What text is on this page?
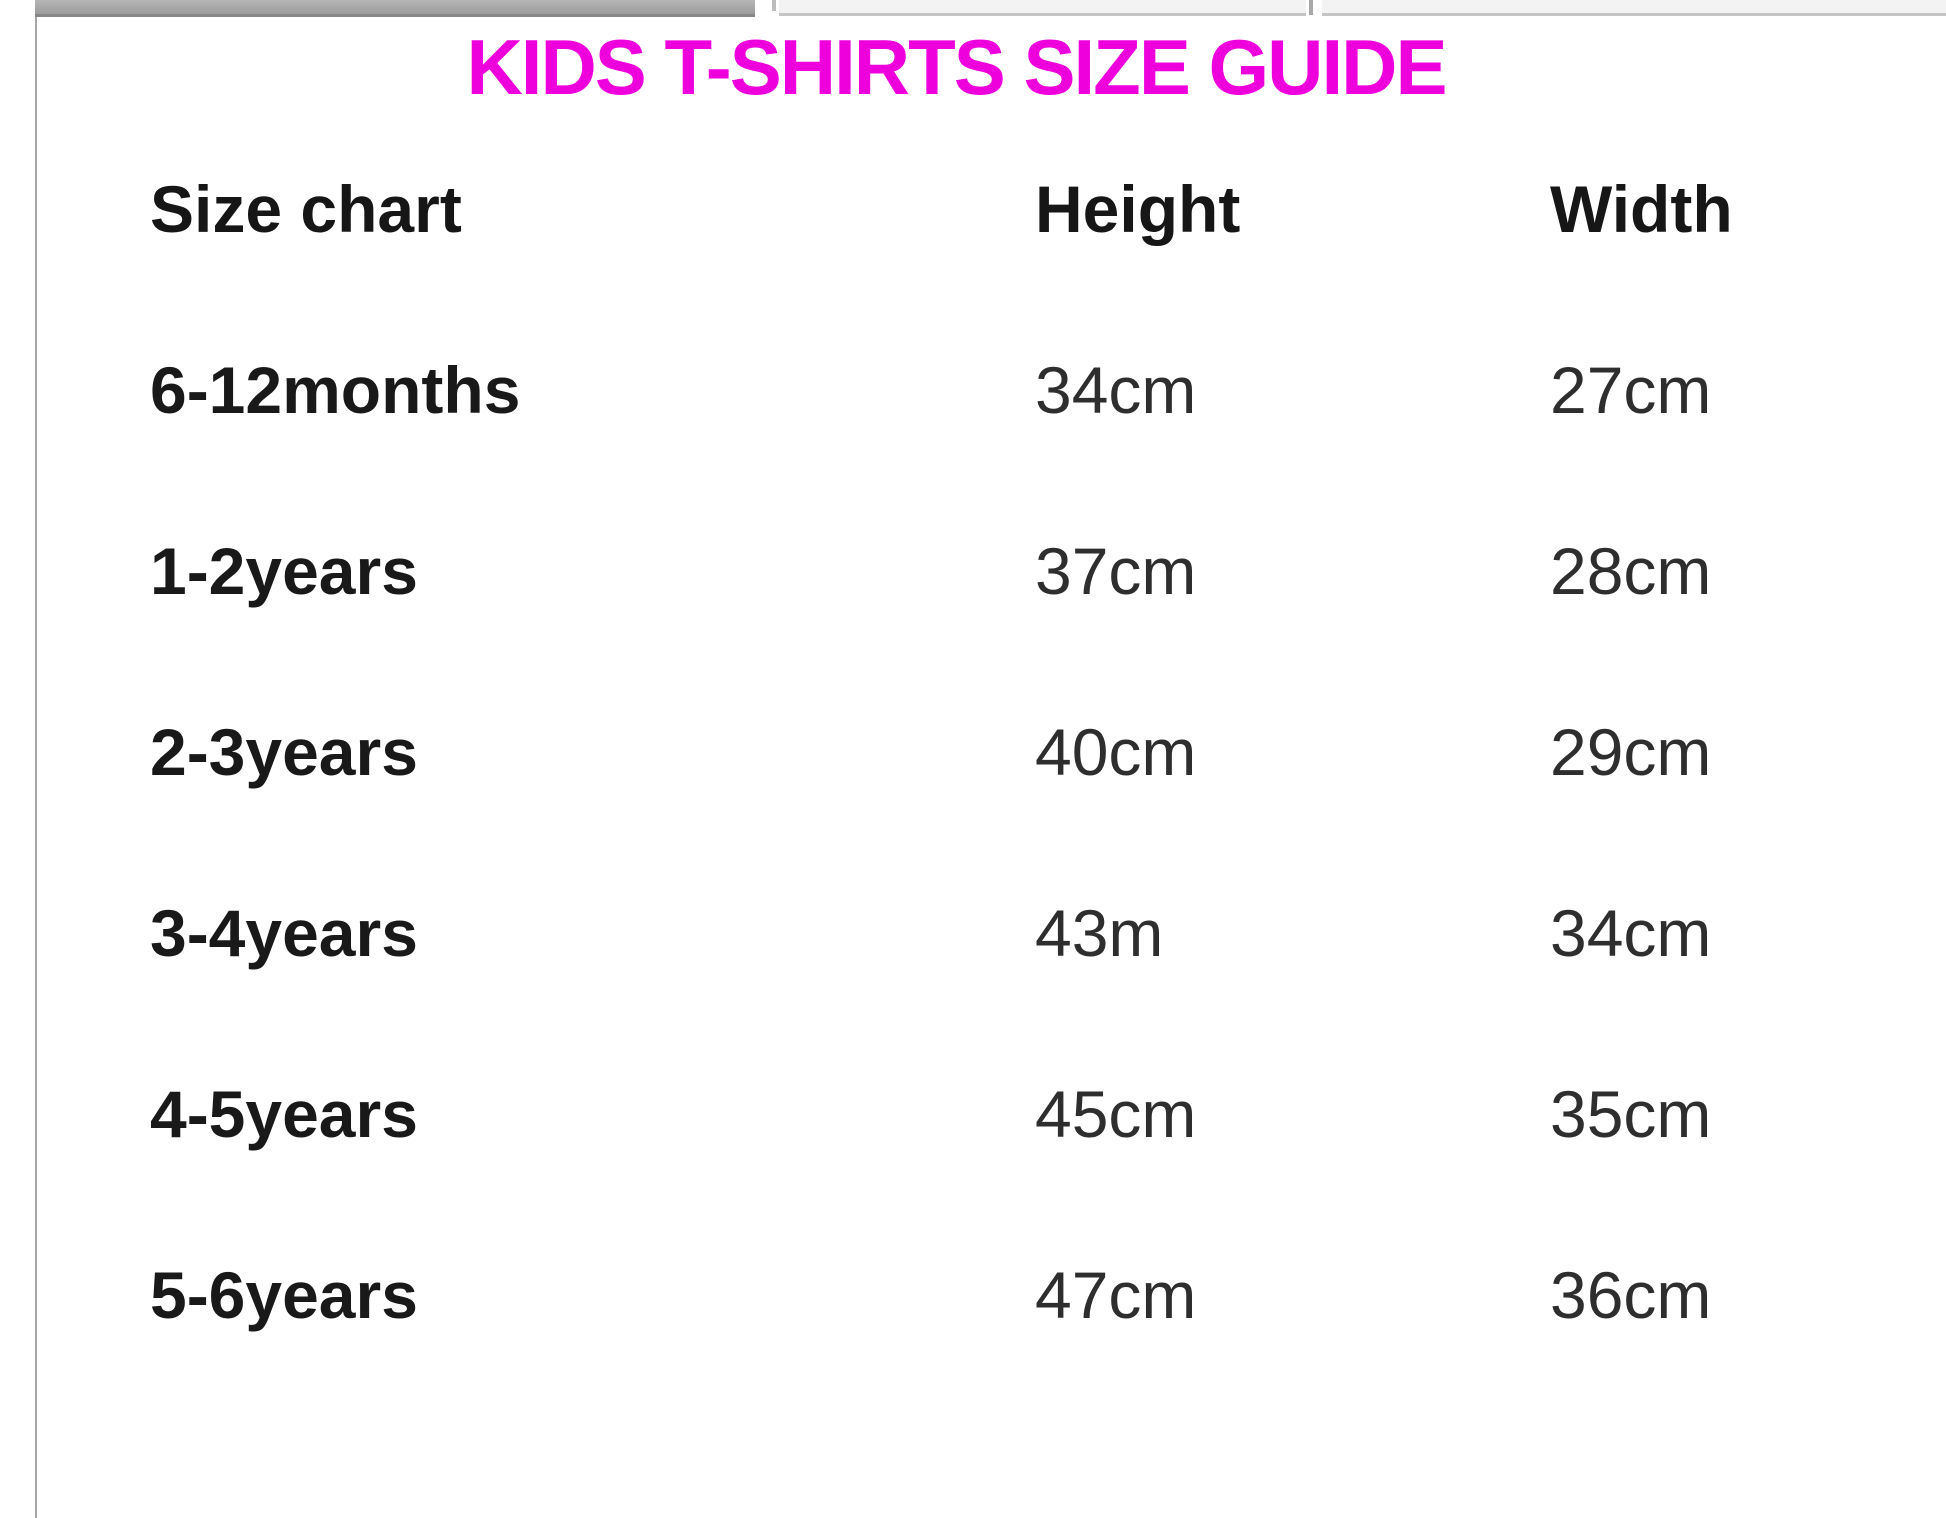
KIDS T-SHIRTS SIZE GUIDE
Size chart	Height	Width
6-12months	34cm	27cm
1-2years	37cm	28cm
2-3years	40cm	29cm
3-4years	43m	34cm
4-5years	45cm	35cm
5-6years	47cm	36cm
